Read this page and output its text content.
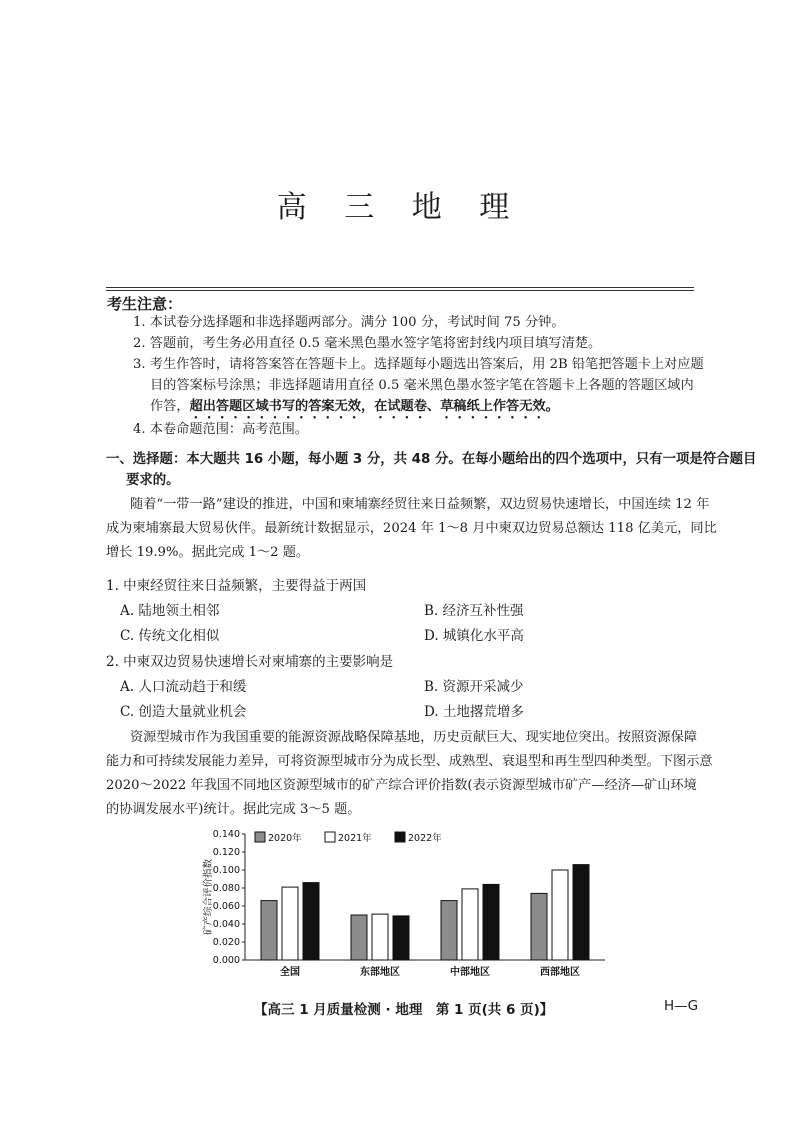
高 三 地 理
考生注意：
1. 本试卷分选择题和非选择题两部分。满分 100 分，考试时间 75 分钟。
2. 答题前，考生务必用直径 0.5 毫米黑色墨水签字笔将密封线内项目填写清楚。
3. 考生作答时，请将答案答在答题卡上。选择题每小题选出答案后，用 2B 铅笔把答题卡上对应题
目的答案标号涂黑；非选择题请用直径 0.5 毫米黑色墨水签字笔在答题卡上各题的答题区域内
作答，超出答题区域书写的答案无效，在试题卷、草稿纸上作答无效。
4. 本卷命题范围：高考范围。
一、选择题：本大题共 16 小题，每小题 3 分，共 48 分。在每小题给出的四个选项中，只有一项是符合题目
要求的。
随着“一带一路”建设的推进，中国和柬埔寨经贸往来日益频繁，双边贸易快速增长，中国连续 12 年
成为柬埔寨最大贸易伙伴。最新统计数据显示，2024 年 1～8 月中柬双边贸易总额达 118 亿美元，同比
增长 19.9%。据此完成 1～2 题。
1. 中柬经贸往来日益频繁，主要得益于两国
A. 陆地领土相邻	B. 经济互补性强
C. 传统文化相似	D. 城镇化水平高
2. 中柬双边贸易快速增长对柬埔寨的主要影响是
A. 人口流动趋于和缓	B. 资源开采减少
C. 创造大量就业机会	D. 土地撂荒增多
资源型城市作为我国重要的能源资源战略保障基地，历史贡献巨大、现实地位突出。按照资源保障
能力和可持续发展能力差异，可将资源型城市分为成长型、成熟型、衰退型和再生型四种类型。下图示意
2020～2022 年我国不同地区资源型城市的矿产综合评价指数(表示资源型城市矿产—经济—矿山环境
的协调发展水平)统计。据此完成 3～5 题。
矿产综合评价指数
0.000
0.020
0.040
0.060
0.080
0.100
0.120
0.140
全国	东部地区	中部地区	西部地区
2020年	2021年	2022年
【高三 1 月质量检测 · 地理　第 1 页(共 6 页)】	H—G
